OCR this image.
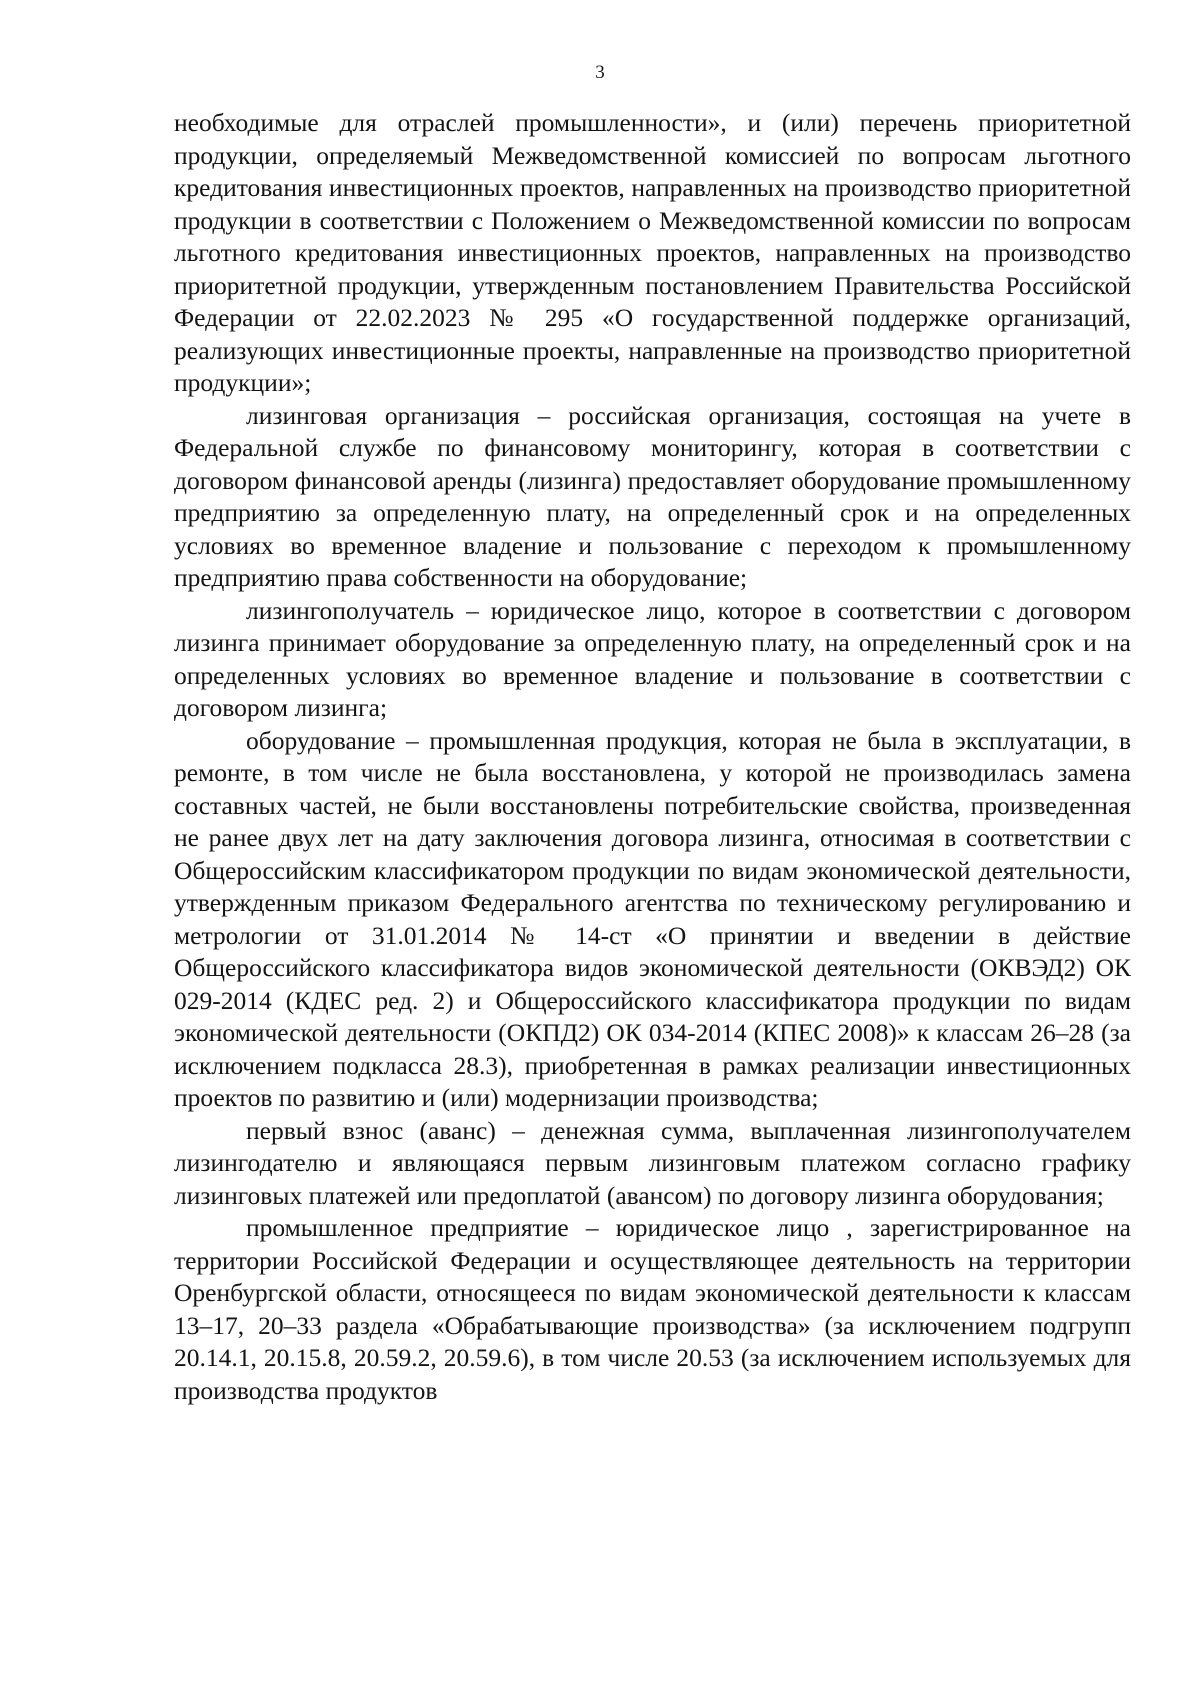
3

необходимые для отраслей промышленности», и (или) перечень приоритетной продукции, определяемый Межведомственной комиссией по вопросам льготного кредитования инвестиционных проектов, направленных на производство приоритетной продукции в соответствии с Положением о Межведомственной комиссии по вопросам льготного кредитования инвестиционных проектов, направленных на производство приоритетной продукции, утвержденным постановлением Правительства Российской Федерации от 22.02.2023 № 295 «О государственной поддержке организаций, реализующих инвестиционные проекты, направленные на производство приоритетной продукции»;

лизинговая организация – российская организация, состоящая на учете в Федеральной службе по финансовому мониторингу, которая в соответствии с договором финансовой аренды (лизинга) предоставляет оборудование промышленному предприятию за определенную плату, на определенный срок и на определенных условиях во временное владение и пользование с переходом к промышленному предприятию права собственности на оборудование;

лизингополучатель – юридическое лицо, которое в соответствии с договором лизинга принимает оборудование за определенную плату, на определенный срок и на определенных условиях во временное владение и пользование в соответствии с договором лизинга;

оборудование – промышленная продукция, которая не была в эксплуатации, в ремонте, в том числе не была восстановлена, у которой не производилась замена составных частей, не были восстановлены потребительские свойства, произведенная не ранее двух лет на дату заключения договора лизинга, относимая в соответствии с Общероссийским классификатором продукции по видам экономической деятельности, утвержденным приказом Федерального агентства по техническому регулированию и метрологии от 31.01.2014 № 14-ст «О принятии и введении в действие Общероссийского классификатора видов экономической деятельности (ОКВЭД2) ОК 029-2014 (КДЕС ред. 2) и Общероссийского классификатора продукции по видам экономической деятельности (ОКПД2) ОК 034-2014 (КПЕС 2008)» к классам 26–28 (за исключением подкласса 28.3), приобретенная в рамках реализации инвестиционных проектов по развитию и (или) модернизации производства;

первый взнос (аванс) – денежная сумма, выплаченная лизингополучателем лизингодателю и являющаяся первым лизинговым платежом согласно графику лизинговых платежей или предоплатой (авансом) по договору лизинга оборудования;

промышленное предприятие – юридическое лицо , зарегистрированное на территории Российской Федерации и осуществляющее деятельность на территории Оренбургской области, относящееся по видам экономической деятельности к классам 13–17, 20–33 раздела «Обрабатывающие производства» (за исключением подгрупп 20.14.1, 20.15.8, 20.59.2, 20.59.6), в том числе 20.53 (за исключением используемых для производства продуктов
